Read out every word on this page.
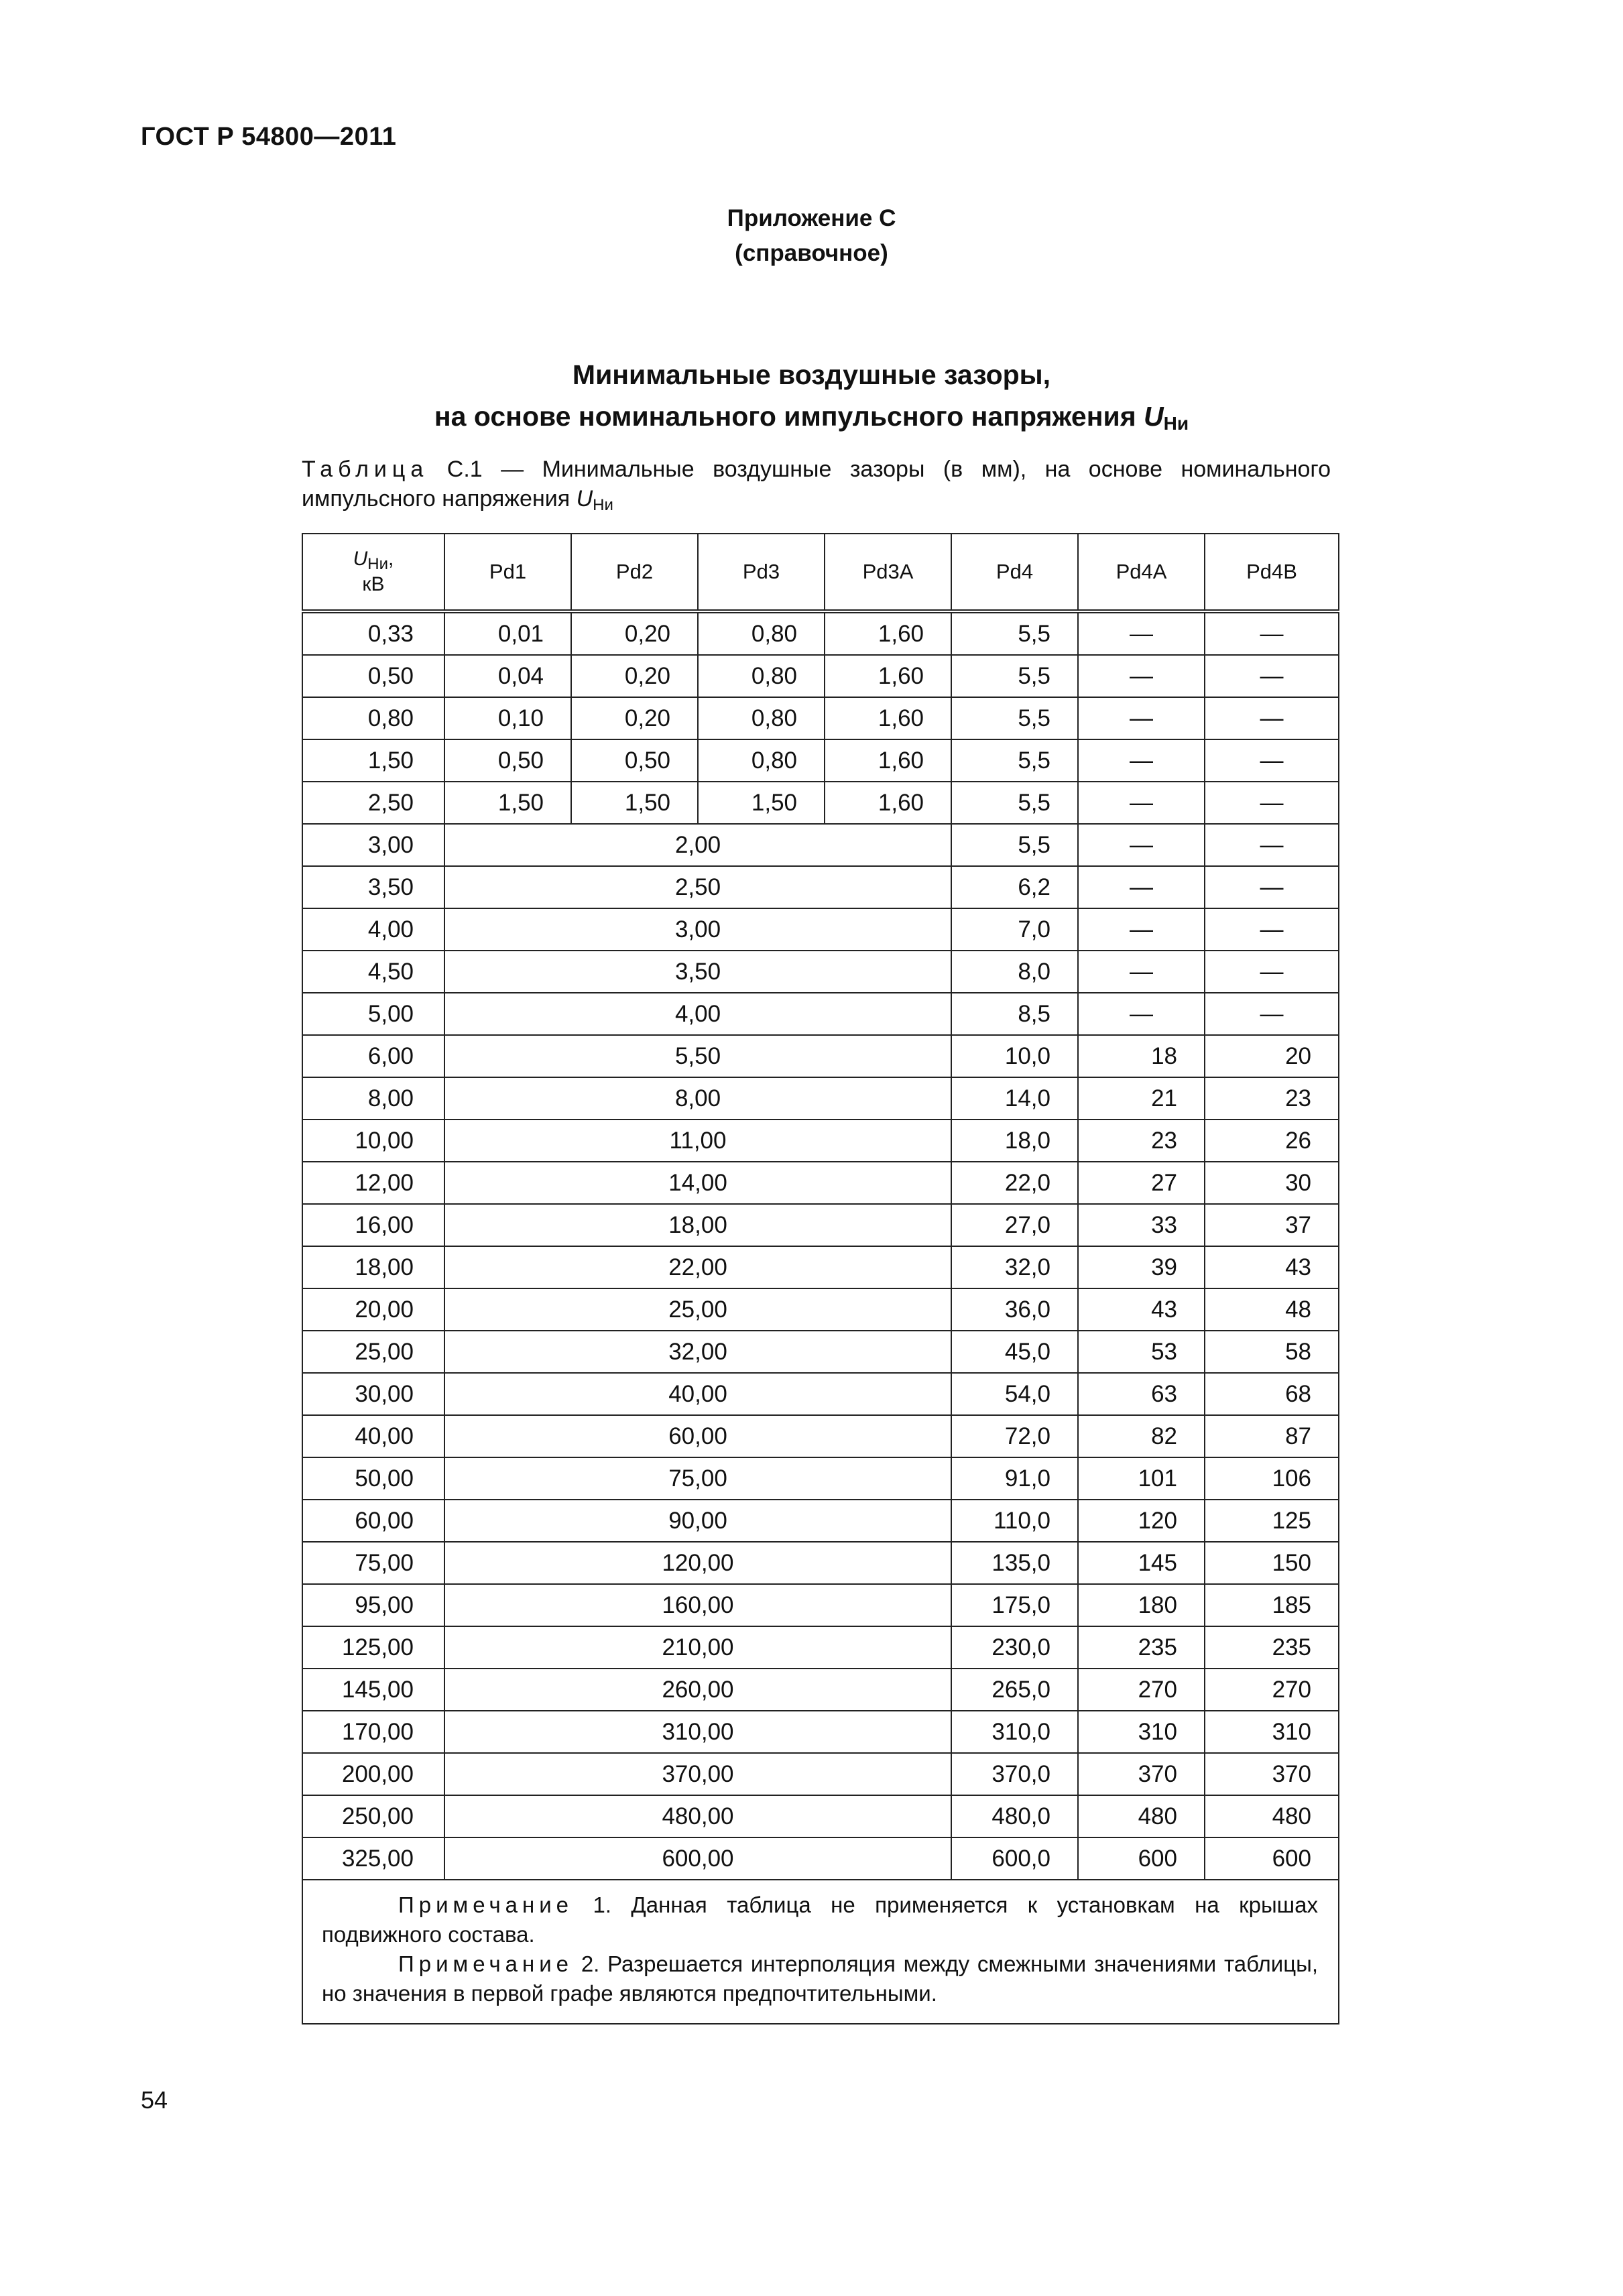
ГОСТ Р 54800—2011
Приложение С
(справочное)
Минимальные воздушные зазоры,
на основе номинального импульсного напряжения $U_{Ни}$
Таблица С.1 — Минимальные воздушные зазоры (в мм), на основе номинального импульсного напряжения $U_{Ни}$
$U_{Ни}$,
кВ	Pd1	Pd2	Pd3	Pd3A	Pd4	Pd4A	Pd4B
0,33	0,01	0,20	0,80	1,60	5,5	—	—
0,50	0,04	0,20	0,80	1,60	5,5	—	—
0,80	0,10	0,20	0,80	1,60	5,5	—	—
1,50	0,50	0,50	0,80	1,60	5,5	—	—
2,50	1,50	1,50	1,50	1,60	5,5	—	—
3,00	2,00				5,5	—	—
3,50	2,50				6,2	—	—
4,00	3,00				7,0	—	—
4,50	3,50				8,0	—	—
5,00	4,00				8,5	—	—
6,00	5,50				10,0	18	20
8,00	8,00				14,0	21	23
10,00	11,00				18,0	23	26
12,00	14,00				22,0	27	30
16,00	18,00				27,0	33	37
18,00	22,00				32,0	39	43
20,00	25,00				36,0	43	48
25,00	32,00				45,0	53	58
30,00	40,00				54,0	63	68
40,00	60,00				72,0	82	87
50,00	75,00				91,0	101	106
60,00	90,00				110,0	120	125
75,00	120,00				135,0	145	150
95,00	160,00				175,0	180	185
125,00	210,00				230,0	235	235
145,00	260,00				265,0	270	270
170,00	310,00				310,0	310	310
200,00	370,00				370,0	370	370
250,00	480,00				480,0	480	480
325,00	600,00				600,0	600	600

Примечание 1. Данная таблица не применяется к установкам на крышах подвижного состава.

Примечание 2. Разрешается интерполяция между смежными значениями таблицы, но значения в первой графе являются предпочтительными.							

54
